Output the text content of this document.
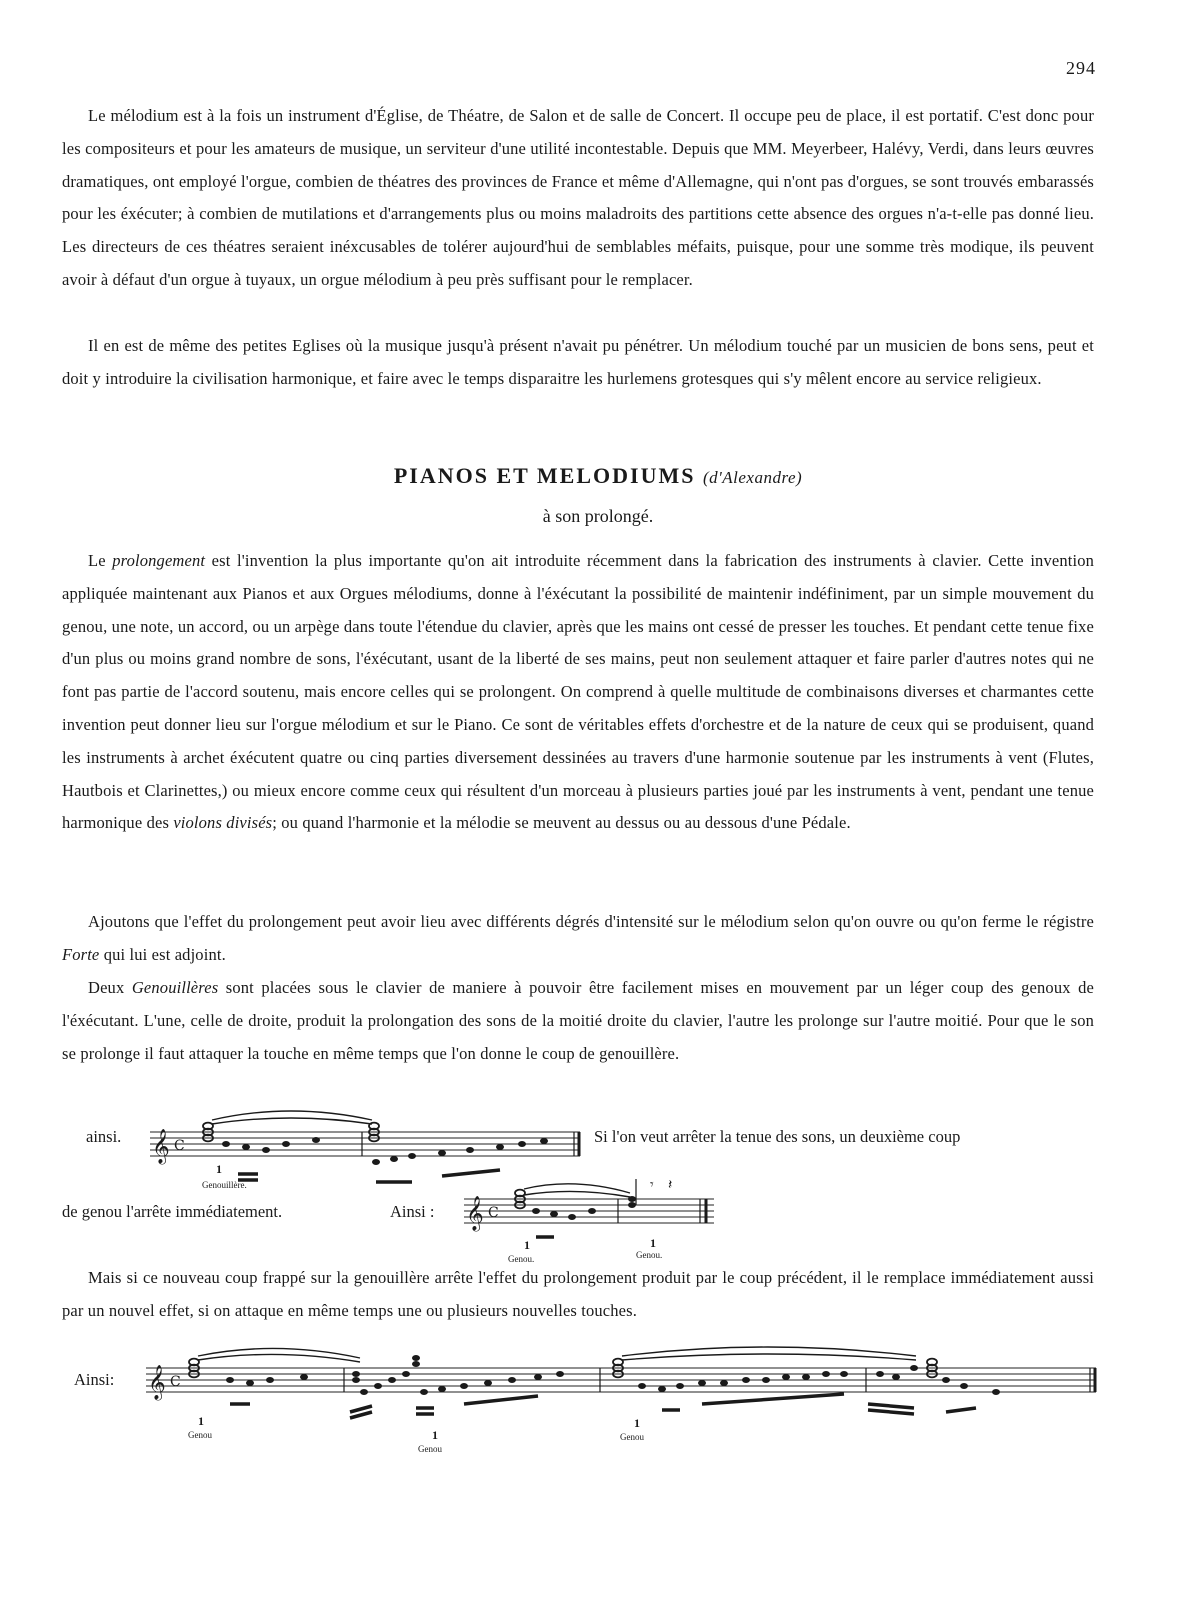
294
Le mélodium est à la fois un instrument d'Église, de Théatre, de Salon et de salle de Concert. Il occupe peu de place, il est portatif. C'est donc pour les compositeurs et pour les amateurs de musique, un serviteur d'une utilité incontestable. Depuis que MM. Meyerbeer, Halévy, Verdi, dans leurs œuvres dramatiques, ont employé l'orgue, combien de théatres des provinces de France et même d'Allemagne, qui n'ont pas d'orgues, se sont trouvés embarassés pour les éxécuter; à combien de mutilations et d'arrangements plus ou moins maladroits des partitions cette absence des orgues n'a-t-elle pas donné lieu. Les directeurs de ces théatres seraient inéxcusables de tolérer aujourd'hui de semblables méfaits, puisque, pour une somme très modique, ils peuvent avoir à défaut d'un orgue à tuyaux, un orgue mélodium à peu près suffisant pour le remplacer.
Il en est de même des petites Eglises où la musique jusqu'à présent n'avait pu pénétrer. Un mélodium touché par un musicien de bons sens, peut et doit y introduire la civilisation harmonique, et faire avec le temps disparaitre les hurlemens grotesques qui s'y mêlent encore au service religieux.
PIANOS ET MELODIUMS (d'Alexandre)
à son prolongé.
Le prolongement est l'invention la plus importante qu'on ait introduite récemment dans la fabrication des instruments à clavier. Cette invention appliquée maintenant aux Pianos et aux Orgues mélodiums, donne à l'éxécutant la possibilité de maintenir indéfiniment, par un simple mouvement du genou, une note, un accord, ou un arpège dans toute l'étendue du clavier, après que les mains ont cessé de presser les touches. Et pendant cette tenue fixe d'un plus ou moins grand nombre de sons, l'éxécutant, usant de la liberté de ses mains, peut non seulement attaquer et faire parler d'autres notes qui ne font pas partie de l'accord soutenu, mais encore celles qui se prolongent. On comprend à quelle multitude de combinaisons diverses et charmantes cette invention peut donner lieu sur l'orgue mélodium et sur le Piano. Ce sont de véritables effets d'orchestre et de la nature de ceux qui se produisent, quand les instruments à archet éxécutent quatre ou cinq parties diversement dessinées au travers d'une harmonie soutenue par les instruments à vent (Flutes, Hautbois et Clarinettes,) ou mieux encore comme ceux qui résultent d'un morceau à plusieurs parties joué par les instruments à vent, pendant une tenue harmonique des violons divisés; ou quand l'harmonie et la mélodie se meuvent au dessus ou au dessous d'une Pédale.
Ajoutons que l'effet du prolongement peut avoir lieu avec différents dégrés d'intensité sur le mélodium selon qu'on ouvre ou qu'on ferme le régistre Forte qui lui est adjoint.
Deux Genouillères sont placées sous le clavier de maniere à pouvoir être facilement mises en mouvement par un léger coup des genoux de l'éxécutant. L'une, celle de droite, produit la prolongation des sons de la moitié droite du clavier, l'autre les prolonge sur l'autre moitié. Pour que le son se prolonge il faut attaquer la touche en même temps que l'on donne le coup de genouillère.
ainsi. 𝄞 C
1
Genouillère.
Si l'on veut arrêter la tenue des sons, un deuxième coup
de genou l'arrête immédiatement.	Ainsi : 𝄞 C
𝄾 𝄽
1
Genou.
1
Genou.
Mais si ce nouveau coup frappé sur la genouillère arrête l'effet du prolongement produit par le coup précédent, il le remplace immédiatement aussi par un nouvel effet, si on attaque en même temps une ou plusieurs nouvelles touches.
Ainsi: 𝄞 C
1
Genou	1
Genou
1
Genou
